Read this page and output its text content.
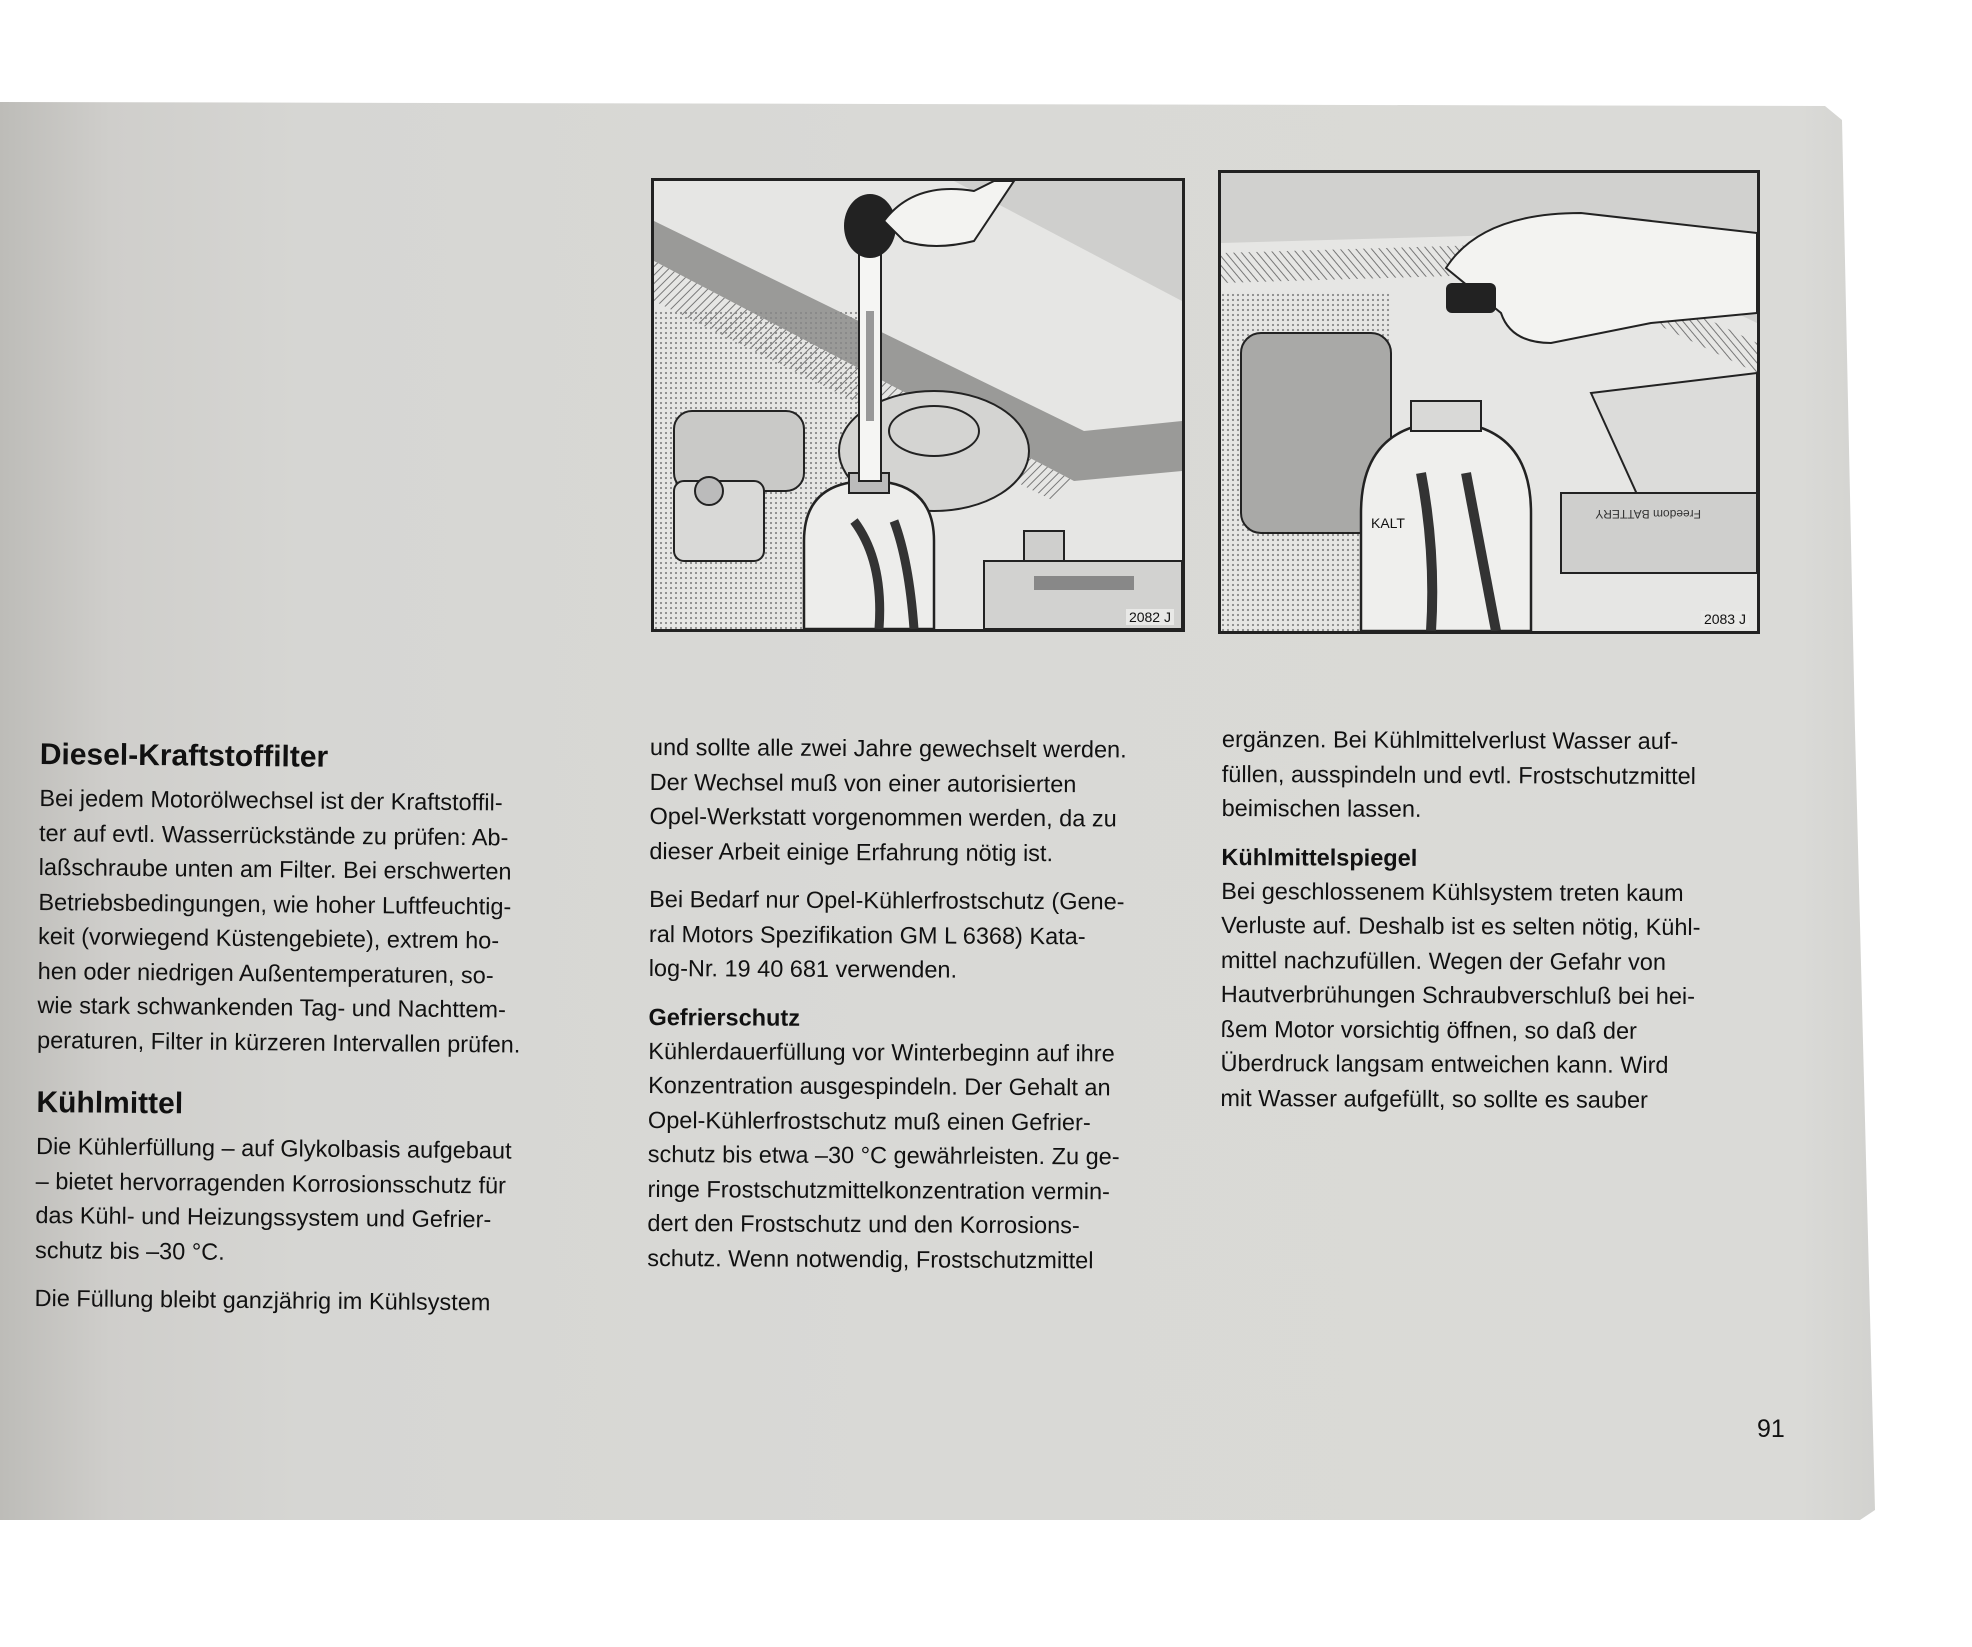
2082 J
KALT
Freedom BATTERY
2083 J
Diesel-Kraftstoffilter

Bei jedem Motorölwechsel ist der Kraftstoffil-

ter auf evtl. Wasserrückstände zu prüfen: Ab-

laßschraube unten am Filter. Bei erschwerten

Betriebsbedingungen, wie hoher Luftfeuchtig-

keit (vorwiegend Küstengebiete), extrem ho-

hen oder niedrigen Außentemperaturen, so-

wie stark schwankenden Tag- und Nachttem-

peraturen, Filter in kürzeren Intervallen prüfen.

Kühlmittel

Die Kühlerfüllung – auf Glykolbasis aufgebaut

– bietet hervorragenden Korrosionsschutz für

das Kühl- und Heizungssystem und Gefrier-

schutz bis –30 °C.

Die Füllung bleibt ganzjährig im Kühlsystem

und sollte alle zwei Jahre gewechselt werden.

Der Wechsel muß von einer autorisierten

Opel-Werkstatt vorgenommen werden, da zu

dieser Arbeit einige Erfahrung nötig ist.

Bei Bedarf nur Opel-Kühlerfrostschutz (Gene-

ral Motors Spezifikation GM L 6368) Kata-

log-Nr. 19 40 681 verwenden.

Gefrierschutz

Kühlerdauerfüllung vor Winterbeginn auf ihre

Konzentration ausgespindeln. Der Gehalt an

Opel-Kühlerfrostschutz muß einen Gefrier-

schutz bis etwa –30 °C gewährleisten. Zu ge-

ringe Frostschutzmittelkonzentration vermin-

dert den Frostschutz und den Korrosions-

schutz. Wenn notwendig, Frostschutzmittel

ergänzen. Bei Kühlmittelverlust Wasser auf-

füllen, ausspindeln und evtl. Frostschutzmittel

beimischen lassen.

Kühlmittelspiegel

Bei geschlossenem Kühlsystem treten kaum

Verluste auf. Deshalb ist es selten nötig, Kühl-

mittel nachzufüllen. Wegen der Gefahr von

Hautverbrühungen Schraubverschluß bei hei-

ßem Motor vorsichtig öffnen, so daß der

Überdruck langsam entweichen kann. Wird

mit Wasser aufgefüllt, so sollte es sauber

91
